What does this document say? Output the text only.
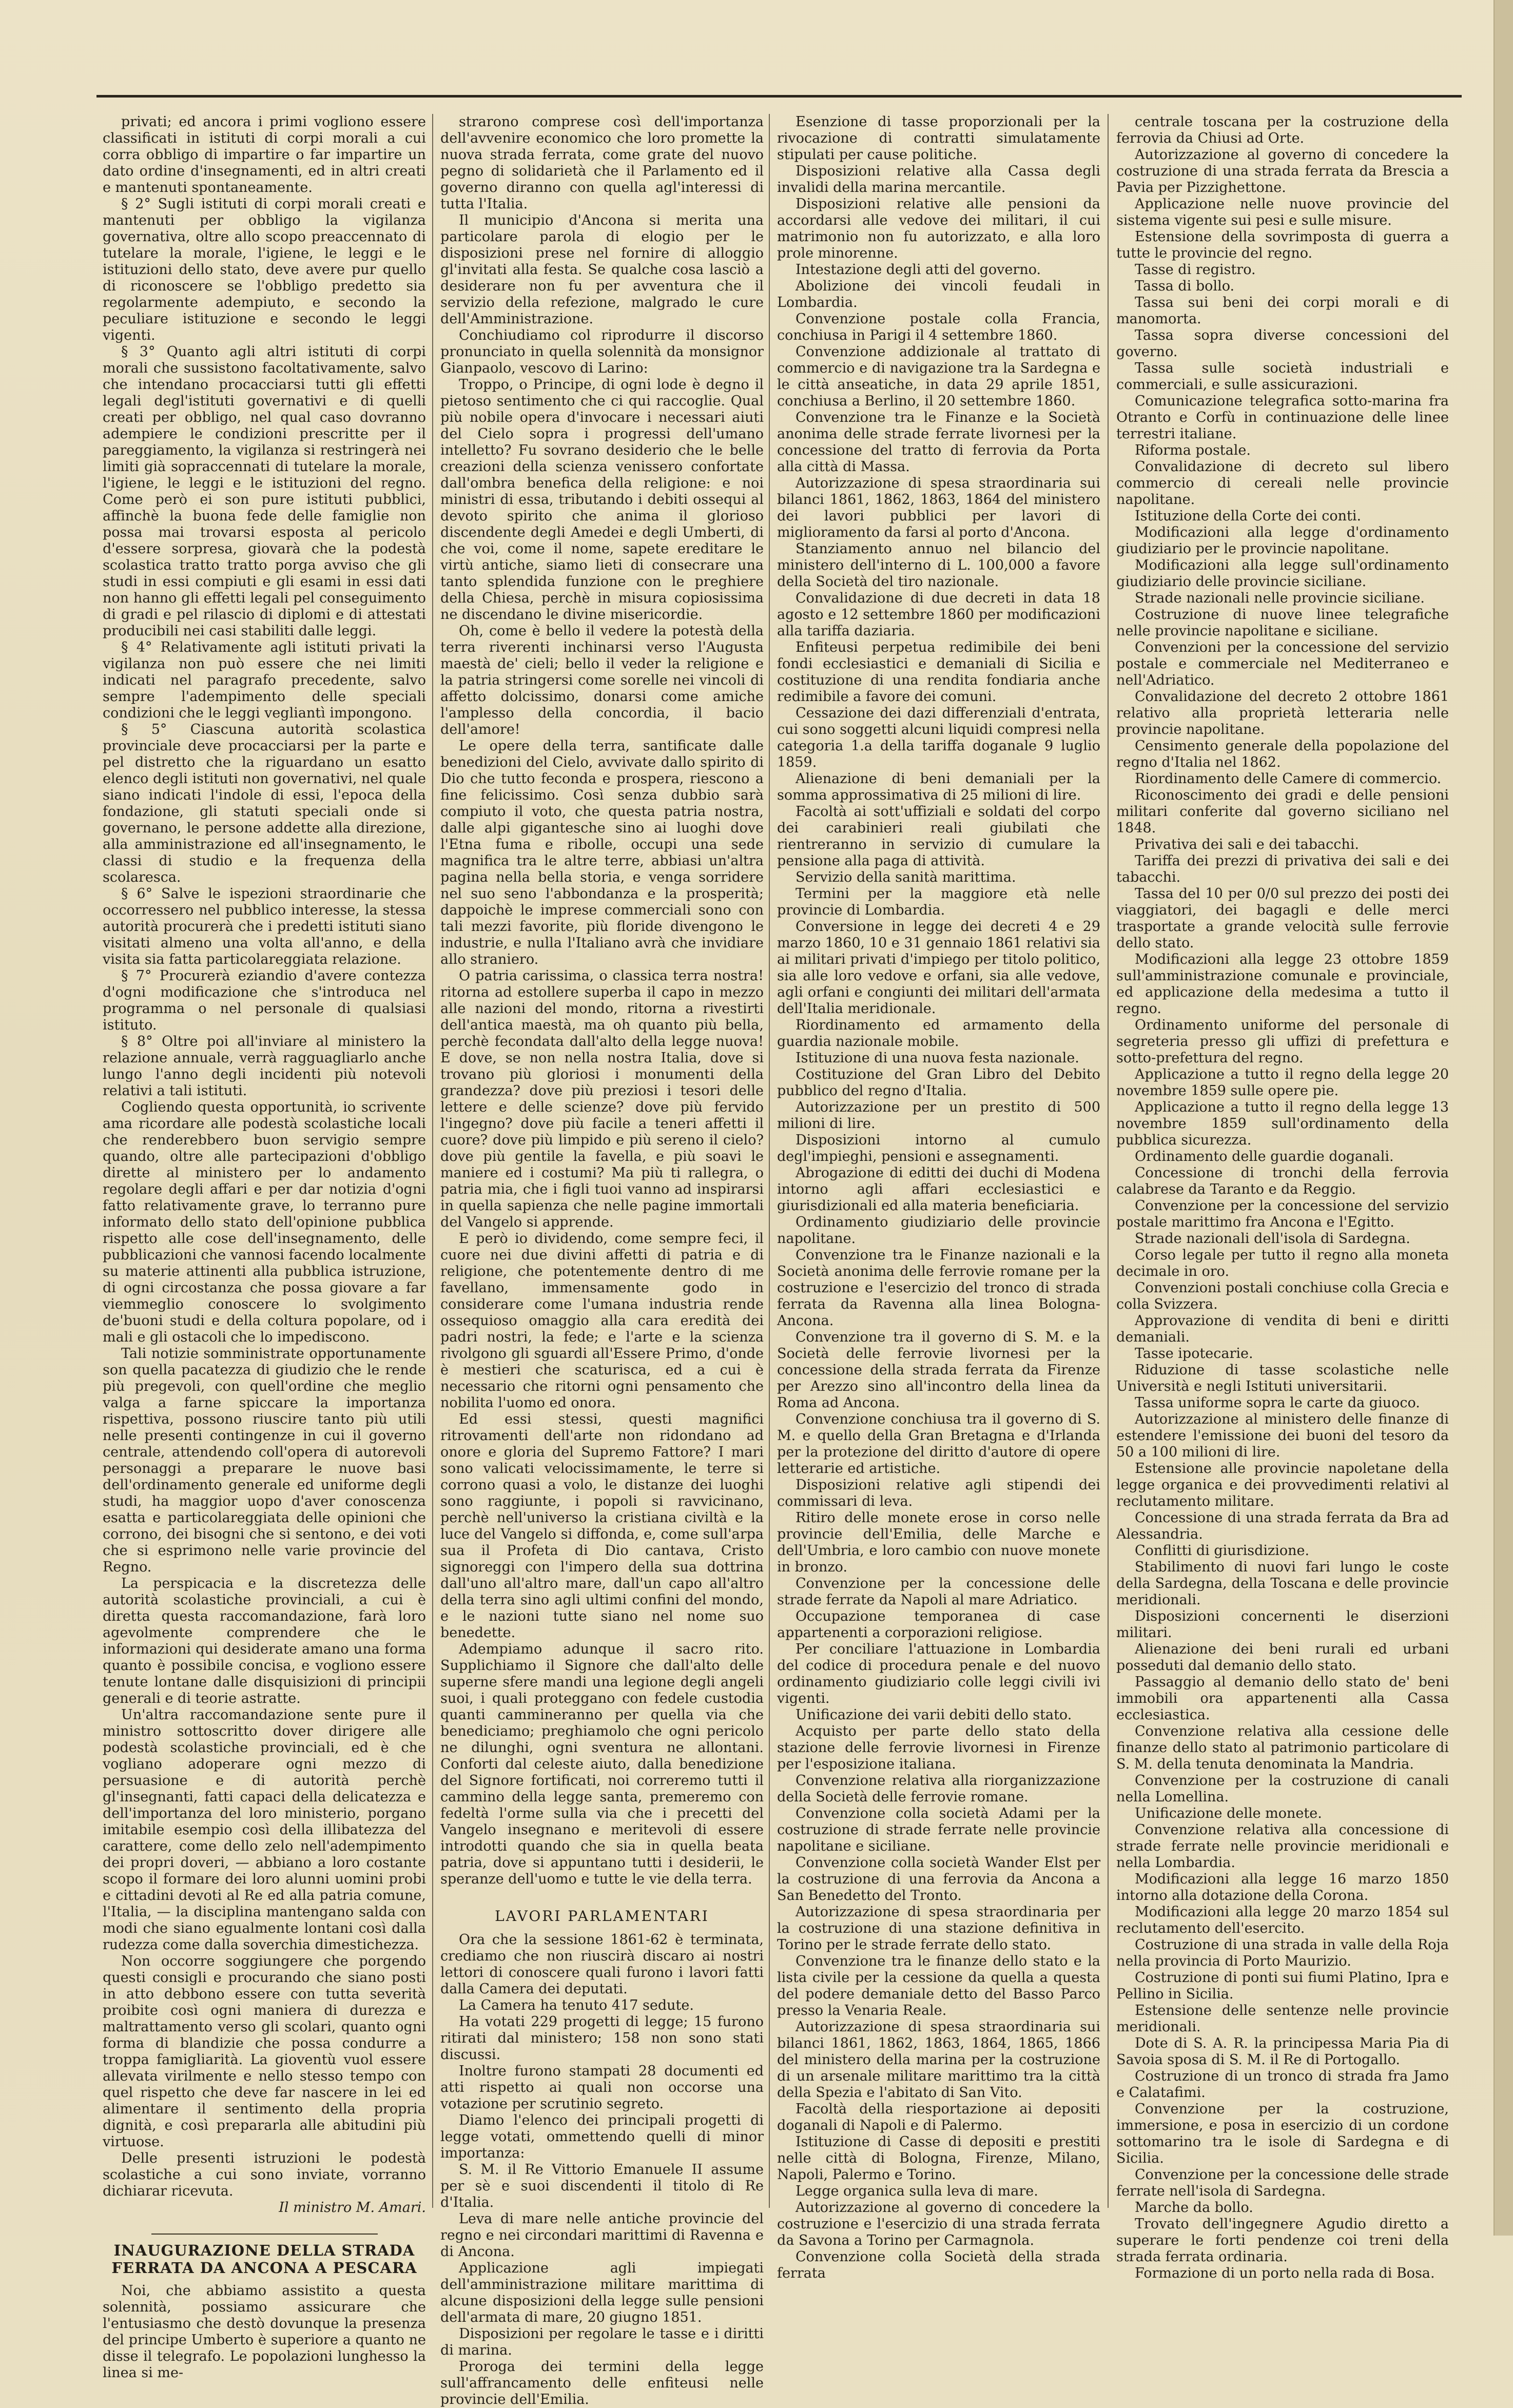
privati; ed ancora i primi vogliono essere classificati in istituti di corpi morali a cui corra obbligo di impartire o far impartire un dato ordine d'insegnamenti, ed in altri creati e mantenuti spontaneamente.

§ 2° Sugli istituti di corpi morali creati e mantenuti per obbligo la vigilanza governativa, oltre allo scopo preaccennato di tutelare la morale, l'igiene, le leggi e le istituzioni dello stato, deve avere pur quello di riconoscere se l'obbligo predetto sia regolarmente adempiuto, e secondo la peculiare istituzione e secondo le leggi vigenti.

§ 3° Quanto agli altri istituti di corpi morali che sussistono facoltativamente, salvo che intendano procacciarsi tutti gli effetti legali degl'istituti governativi e di quelli creati per obbligo, nel qual caso dovranno adempiere le condizioni prescritte per il pareggiamento, la vigilanza si restringerà nei limiti già sopraccennati di tutelare la morale, l'igiene, le leggi e le istituzioni del regno. Come però ei son pure istituti pubblici, affinchè la buona fede delle famiglie non possa mai trovarsi esposta al pericolo d'essere sorpresa, giovarà che la podestà scolastica tratto tratto porga avviso che gli studi in essi compiuti e gli esami in essi dati non hanno gli effetti legali pel conseguimento di gradi e pel rilascio di diplomi e di attestati producibili nei casi stabiliti dalle leggi.

§ 4° Relativamente agli istituti privati la vigilanza non può essere che nei limiti indicati nel paragrafo precedente, salvo sempre l'adempimento delle speciali condizioni che le leggi vegliantì impongono.

§ 5° Ciascuna autorità scolastica provinciale deve procacciarsi per la parte e pel distretto che la riguardano un esatto elenco degli istituti non governativi, nel quale siano indicati l'indole di essi, l'epoca della fondazione, gli statuti speciali onde si governano, le persone addette alla direzione, alla amministrazione ed all'insegnamento, le classi di studio e la frequenza della scolaresca.

§ 6° Salve le ispezioni straordinarie che occorressero nel pubblico interesse, la stessa autorità procurerà che i predetti istituti siano visitati almeno una volta all'anno, e della visita sia fatta particolareggiata relazione.

§ 7° Procurerà eziandio d'avere contezza d'ogni modificazione che s'introduca nel programma o nel personale di qualsiasi istituto.

§ 8° Oltre poi all'inviare al ministero la relazione annuale, verrà ragguagliarlo anche lungo l'anno degli incidenti più notevoli relativi a tali istituti.

Cogliendo questa opportunità, io scrivente ama ricordare alle podestà scolastiche locali che renderebbero buon servigio sempre quando, oltre alle partecipazioni d'obbligo dirette al ministero per lo andamento regolare degli affari e per dar notizia d'ogni fatto relativamente grave, lo terranno pure informato dello stato dell'opinione pubblica rispetto alle cose dell'insegnamento, delle pubblicazioni che vannosi facendo localmente su materie attinenti alla pubblica istruzione, di ogni circostanza che possa giovare a far viemmeglio conoscere lo svolgimento de'buoni studi e della coltura popolare, od i mali e gli ostacoli che lo impediscono.

Tali notizie somministrate opportunamente son quella pacatezza di giudizio che le rende più pregevoli, con quell'ordine che meglio valga a farne spiccare la importanza rispettiva, possono riuscire tanto più utili nelle presenti contingenze in cui il governo centrale, attendendo coll'opera di autorevoli personaggi a preparare le nuove basi dell'ordinamento generale ed uniforme degli studi, ha maggior uopo d'aver conoscenza esatta e particolareggiata delle opinioni che corrono, dei bisogni che si sentono, e dei voti che si esprimono nelle varie provincie del Regno.

La perspicacia e la discretezza delle autorità scolastiche provinciali, a cui è diretta questa raccomandazione, farà loro agevolmente comprendere che le informazioni qui desiderate amano una forma quanto è possibile concisa, e vogliono essere tenute lontane dalle disquisizioni di principii generali e di teorie astratte.

Un'altra raccomandazione sente pure il ministro sottoscritto dover dirigere alle podestà scolastiche provinciali, ed è che vogliano adoperare ogni mezzo di persuasione e di autorità perchè gl'insegnanti, fatti capaci della delicatezza e dell'importanza del loro ministerio, porgano imitabile esempio così della illibatezza del carattere, come dello zelo nell'adempimento dei propri doveri, — abbiano a loro costante scopo il formare dei loro alunni uomini probi e cittadini devoti al Re ed alla patria comune, l'Italia, — la disciplina mantengano salda con modi che siano egualmente lontani così dalla rudezza come dalla soverchia dimestichezza.

Non occorre soggiungere che porgendo questi consigli e procurando che siano posti in atto debbono essere con tutta severità proibite così ogni maniera di durezza e maltrattamento verso gli scolari, quanto ogni forma di blandizie che possa condurre a troppa famigliarità. La gioventù vuol essere allevata virilmente e nello stesso tempo con quel rispetto che deve far nascere in lei ed alimentare il sentimento della propria dignità, e così prepararla alle abitudini più virtuose.

Delle presenti istruzioni le podestà scolastiche a cui sono inviate, vorranno dichiarar ricevuta.

Il ministro M. Amari.

INAUGURAZIONE DELLA STRADA FERRATA DA ANCONA A PESCARA

Noi, che abbiamo assistito a questa solennità, possiamo assicurare che l'entusiasmo che destò dovunque la presenza del principe Umberto è superiore a quanto ne disse il telegrafo. Le popolazioni lunghesso la linea si me-

strarono comprese così dell'importanza dell'avvenire economico che loro promette la nuova strada ferrata, come grate del nuovo pegno di solidarietà che il Parlamento ed il governo diranno con quella agl'interessi di tutta l'Italia.

Il municipio d'Ancona si merita una particolare parola di elogio per le disposizioni prese nel fornire di alloggio gl'invitati alla festa. Se qualche cosa lasciò a desiderare non fu per avventura che il servizio della refezione, malgrado le cure dell'Amministrazione.

Conchiudiamo col riprodurre il discorso pronunciato in quella solennità da monsignor Gianpaolo, vescovo di Larino:

Troppo, o Principe, di ogni lode è degno il pietoso sentimento che ci qui raccoglie. Qual più nobile opera d'invocare i necessari aiuti del Cielo sopra i progressi dell'umano intelletto? Fu sovrano desiderio che le belle creazioni della scienza venissero confortate dall'ombra benefica della religione: e noi ministri di essa, tributando i debiti ossequi al devoto spirito che anima il glorioso discendente degli Amedei e degli Umberti, di che voi, come il nome, sapete ereditare le virtù antiche, siamo lieti di consecrare una tanto splendida funzione con le preghiere della Chiesa, perchè in misura copiosissima ne discendano le divine misericordie.

Oh, come è bello il vedere la potestà della terra riverenti inchinarsi verso l'Augusta maestà de' cieli; bello il veder la religione e la patria stringersi come sorelle nei vincoli di affetto dolcissimo, donarsi come amiche l'amplesso della concordia, il bacio dell'amore!

Le opere della terra, santificate dalle benedizioni del Cielo, avvivate dallo spirito di Dio che tutto feconda e prospera, riescono a fine felicissimo. Così senza dubbio sarà compiuto il voto, che questa patria nostra, dalle alpi gigantesche sino ai luoghi dove l'Etna fuma e ribolle, occupi una sede magnifica tra le altre terre, abbiasi un'altra pagina nella bella storia, e venga sorridere nel suo seno l'abbondanza e la prosperità; dappoichè le imprese commerciali sono con tali mezzi favorite, più floride divengono le industrie, e nulla l'Italiano avrà che invidiare allo straniero.

O patria carissima, o classica terra nostra! ritorna ad estollere superba il capo in mezzo alle nazioni del mondo, ritorna a rivestirti dell'antica maestà, ma oh quanto più bella, perchè fecondata dall'alto della legge nuova! E dove, se non nella nostra Italia, dove si trovano più gloriosi i monumenti della grandezza? dove più preziosi i tesori delle lettere e delle scienze? dove più fervido l'ingegno? dove più facile a teneri affetti il cuore? dove più limpido e più sereno il cielo? dove più gentile la favella, e più soavi le maniere ed i costumi? Ma più ti rallegra, o patria mia, che i figli tuoi vanno ad inspirarsi in quella sapienza che nelle pagine immortali del Vangelo si apprende.

E però io dividendo, come sempre feci, il cuore nei due divini affetti di patria e di religione, che potentemente dentro di me favellano, immensamente godo in considerare come l'umana industria rende ossequioso omaggio alla cara eredità dei padri nostri, la fede; e l'arte e la scienza rivolgono gli sguardi all'Essere Primo, d'onde è mestieri che scaturisca, ed a cui è necessario che ritorni ogni pensamento che nobilita l'uomo ed onora.

Ed essi stessi, questi magnifici ritrovamenti dell'arte non ridondano ad onore e gloria del Supremo Fattore? I mari sono valicati velocissimamente, le terre si corrono quasi a volo, le distanze dei luoghi sono raggiunte, i popoli si ravvicinano, perchè nell'universo la cristiana civiltà e la luce del Vangelo si diffonda, e, come sull'arpa sua il Profeta di Dio cantava, Cristo signoreggi con l'impero della sua dottrina dall'uno all'altro mare, dall'un capo all'altro della terra sino agli ultimi confini del mondo, e le nazioni tutte siano nel nome suo benedette.

Adempiamo adunque il sacro rito. Supplichiamo il Signore che dall'alto delle superne sfere mandi una legione degli angeli suoi, i quali proteggano con fedele custodia quanti cammineranno per quella via che benediciamo; preghiamolo che ogni pericolo ne dilunghi, ogni sventura ne allontani. Conforti dal celeste aiuto, dalla benedizione del Signore fortificati, noi correremo tutti il cammino della legge santa, premeremo con fedeltà l'orme sulla via che i precetti del Vangelo insegnano e meritevoli di essere introdotti quando che sia in quella beata patria, dove si appuntano tutti i desiderii, le speranze dell'uomo e tutte le vie della terra.

LAVORI PARLAMENTARI

Ora che la sessione 1861-62 è terminata, crediamo che non riuscirà discaro ai nostri lettori di conoscere quali furono i lavori fatti dalla Camera dei deputati.

La Camera ha tenuto 417 sedute.

Ha votati 229 progetti di legge; 15 furono ritirati dal ministero; 158 non sono stati discussi.

Inoltre furono stampati 28 documenti ed atti rispetto ai quali non occorse una votazione per scrutinio segreto.

Diamo l'elenco dei principali progetti di legge votati, ommettendo quelli di minor importanza:

S. M. il Re Vittorio Emanuele II assume per sè e suoi discendenti il titolo di Re d'Italia.

Leva di mare nelle antiche provincie del regno e nei circondari marittimi di Ravenna e di Ancona.

Applicazione agli impiegati dell'amministrazione militare marittima di alcune disposizioni della legge sulle pensioni dell'armata di mare, 20 giugno 1851.

Disposizioni per regolare le tasse e i diritti di marina.

Proroga dei termini della legge sull'affrancamento delle enfiteusi nelle provincie dell'Emilia.

Esenzione di tasse proporzionali per la rivocazione di contratti simulatamente stipulati per cause politiche.

Disposizioni relative alla Cassa degli invalidi della marina mercantile.

Disposizioni relative alle pensioni da accordarsi alle vedove dei militari, il cui matrimonio non fu autorizzato, e alla loro prole minorenne.

Intestazione degli atti del governo.

Abolizione dei vincoli feudali in Lombardia.

Convenzione postale colla Francia, conchiusa in Parigi il 4 settembre 1860.

Convenzione addizionale al trattato di commercio e di navigazione tra la Sardegna e le città anseatiche, in data 29 aprile 1851, conchiusa a Berlino, il 20 settembre 1860.

Convenzione tra le Finanze e la Società anonima delle strade ferrate livornesi per la concessione del tratto di ferrovia da Porta alla città di Massa.

Autorizzazione di spesa straordinaria sui bilanci 1861, 1862, 1863, 1864 del ministero dei lavori pubblici per lavori di miglioramento da farsi al porto d'Ancona.

Stanziamento annuo nel bilancio del ministero dell'interno di L. 100,000 a favore della Società del tiro nazionale.

Convalidazione di due decreti in data 18 agosto e 12 settembre 1860 per modificazioni alla tariffa daziaria.

Enfiteusi perpetua redimibile dei beni fondi ecclesiastici e demaniali di Sicilia e costituzione di una rendita fondiaria anche redimibile a favore dei comuni.

Cessazione dei dazi differenziali d'entrata, cui sono soggetti alcuni liquidi compresi nella categoria 1.a della tariffa doganale 9 luglio 1859.

Alienazione di beni demaniali per la somma approssimativa di 25 milioni di lire.

Facoltà ai sott'uffiziali e soldati del corpo dei carabinieri reali giubilati che rientreranno in servizio di cumulare la pensione alla paga di attività.

Servizio della sanità marittima.

Termini per la maggiore età nelle provincie di Lombardia.

Conversione in legge dei decreti 4 e 29 marzo 1860, 10 e 31 gennaio 1861 relativi sia ai militari privati d'impiego per titolo politico, sia alle loro vedove e orfani, sia alle vedove, agli orfani e congiunti dei militari dell'armata dell'Italia meridionale.

Riordinamento ed armamento della guardia nazionale mobile.

Istituzione di una nuova festa nazionale.

Costituzione del Gran Libro del Debito pubblico del regno d'Italia.

Autorizzazione per un prestito di 500 milioni di lire.

Disposizioni intorno al cumulo degl'impieghi, pensioni e assegnamenti.

Abrogazione di editti dei duchi di Modena intorno agli affari ecclesiastici e giurisdizionali ed alla materia beneficiaria.

Ordinamento giudiziario delle provincie napolitane.

Convenzione tra le Finanze nazionali e la Società anonima delle ferrovie romane per la costruzione e l'esercizio del tronco di strada ferrata da Ravenna alla linea Bologna-Ancona.

Convenzione tra il governo di S. M. e la Società delle ferrovie livornesi per la concessione della strada ferrata da Firenze per Arezzo sino all'incontro della linea da Roma ad Ancona.

Convenzione conchiusa tra il governo di S. M. e quello della Gran Bretagna e d'Irlanda per la protezione del diritto d'autore di opere letterarie ed artistiche.

Disposizioni relative agli stipendi dei commissari di leva.

Ritiro delle monete erose in corso nelle provincie dell'Emilia, delle Marche e dell'Umbria, e loro cambio con nuove monete in bronzo.

Convenzione per la concessione delle strade ferrate da Napoli al mare Adriatico.

Occupazione temporanea di case appartenenti a corporazioni religiose.

Per conciliare l'attuazione in Lombardia del codice di procedura penale e del nuovo ordinamento giudiziario colle leggi civili ivi vigenti.

Unificazione dei varii debiti dello stato.

Acquisto per parte dello stato della stazione delle ferrovie livornesi in Firenze per l'esposizione italiana.

Convenzione relativa alla riorganizzazione della Società delle ferrovie romane.

Convenzione colla società Adami per la costruzione di strade ferrate nelle provincie napolitane e siciliane.

Convenzione colla società Wander Elst per la costruzione di una ferrovia da Ancona a San Benedetto del Tronto.

Autorizzazione di spesa straordinaria per la costruzione di una stazione definitiva in Torino per le strade ferrate dello stato.

Convenzione tra le finanze dello stato e la lista civile per la cessione da quella a questa del podere demaniale detto del Basso Parco presso la Venaria Reale.

Autorizzazione di spesa straordinaria sui bilanci 1861, 1862, 1863, 1864, 1865, 1866 del ministero della marina per la costruzione di un arsenale militare marittimo tra la città della Spezia e l'abitato di San Vito.

Facoltà della riesportazione ai depositi doganali di Napoli e di Palermo.

Istituzione di Casse di depositi e prestiti nelle città di Bologna, Firenze, Milano, Napoli, Palermo e Torino.

Legge organica sulla leva di mare.

Autorizzazione al governo di concedere la costruzione e l'esercizio di una strada ferrata da Savona a Torino per Carmagnola.

Convenzione colla Società della strada ferrata

centrale toscana per la costruzione della ferrovia da Chiusi ad Orte.

Autorizzazione al governo di concedere la costruzione di una strada ferrata da Brescia a Pavia per Pizzighettone.

Applicazione nelle nuove provincie del sistema vigente sui pesi e sulle misure.

Estensione della sovrimposta di guerra a tutte le provincie del regno.

Tasse di registro.

Tassa di bollo.

Tassa sui beni dei corpi morali e di manomorta.

Tassa sopra diverse concessioni del governo.

Tassa sulle società industriali e commerciali, e sulle assicurazioni.

Comunicazione telegrafica sotto-marina fra Otranto e Corfù in continuazione delle linee terrestri italiane.

Riforma postale.

Convalidazione di decreto sul libero commercio di cereali nelle provincie napolitane.

Istituzione della Corte dei conti.

Modificazioni alla legge d'ordinamento giudiziario per le provincie napolitane.

Modificazioni alla legge sull'ordinamento giudiziario delle provincie siciliane.

Strade nazionali nelle provincie siciliane.

Costruzione di nuove linee telegrafiche nelle provincie napolitane e siciliane.

Convenzioni per la concessione del servizio postale e commerciale nel Mediterraneo e nell'Adriatico.

Convalidazione del decreto 2 ottobre 1861 relativo alla proprietà letteraria nelle provincie napolitane.

Censimento generale della popolazione del regno d'Italia nel 1862.

Riordinamento delle Camere di commercio.

Riconoscimento dei gradi e delle pensioni militari conferite dal governo siciliano nel 1848.

Privativa dei sali e dei tabacchi.

Tariffa dei prezzi di privativa dei sali e dei tabacchi.

Tassa del 10 per 0/0 sul prezzo dei posti dei viaggiatori, dei bagagli e delle merci trasportate a grande velocità sulle ferrovie dello stato.

Modificazioni alla legge 23 ottobre 1859 sull'amministrazione comunale e provinciale, ed applicazione della medesima a tutto il regno.

Ordinamento uniforme del personale di segreteria presso gli uffizi di prefettura e sotto-prefettura del regno.

Applicazione a tutto il regno della legge 20 novembre 1859 sulle opere pie.

Applicazione a tutto il regno della legge 13 novembre 1859 sull'ordinamento della pubblica sicurezza.

Ordinamento delle guardie doganali.

Concessione di tronchi della ferrovia calabrese da Taranto e da Reggio.

Convenzione per la concessione del servizio postale marittimo fra Ancona e l'Egitto.

Strade nazionali dell'isola di Sardegna.

Corso legale per tutto il regno alla moneta decimale in oro.

Convenzioni postali conchiuse colla Grecia e colla Svizzera.

Approvazione di vendita di beni e diritti demaniali.

Tasse ipotecarie.

Riduzione di tasse scolastiche nelle Università e negli Istituti universitarii.

Tassa uniforme sopra le carte da giuoco.

Autorizzazione al ministero delle finanze di estendere l'emissione dei buoni del tesoro da 50 a 100 milioni di lire.

Estensione alle provincie napoletane della legge organica e dei provvedimenti relativi al reclutamento militare.

Concessione di una strada ferrata da Bra ad Alessandria.

Conflitti di giurisdizione.

Stabilimento di nuovi fari lungo le coste della Sardegna, della Toscana e delle provincie meridionali.

Disposizioni concernenti le diserzioni militari.

Alienazione dei beni rurali ed urbani posseduti dal demanio dello stato.

Passaggio al demanio dello stato de' beni immobili ora appartenenti alla Cassa ecclesiastica.

Convenzione relativa alla cessione delle finanze dello stato al patrimonio particolare di S. M. della tenuta denominata la Mandria.

Convenzione per la costruzione di canali nella Lomellina.

Unificazione delle monete.

Convenzione relativa alla concessione di strade ferrate nelle provincie meridionali e nella Lombardia.

Modificazioni alla legge 16 marzo 1850 intorno alla dotazione della Corona.

Modificazioni alla legge 20 marzo 1854 sul reclutamento dell'esercito.

Costruzione di una strada in valle della Roja nella provincia di Porto Maurizio.

Costruzione di ponti sui fiumi Platino, Ipra e Pellino in Sicilia.

Estensione delle sentenze nelle provincie meridionali.

Dote di S. A. R. la principessa Maria Pia di Savoia sposa di S. M. il Re di Portogallo.

Costruzione di un tronco di strada fra Jamo e Calatafimi.

Convenzione per la costruzione, immersione, e posa in esercizio di un cordone sottomarino tra le isole di Sardegna e di Sicilia.

Convenzione per la concessione delle strade ferrate nell'isola di Sardegna.

Marche da bollo.

Trovato dell'ingegnere Agudio diretto a superare le forti pendenze coi treni della strada ferrata ordinaria.

Formazione di un porto nella rada di Bosa.
